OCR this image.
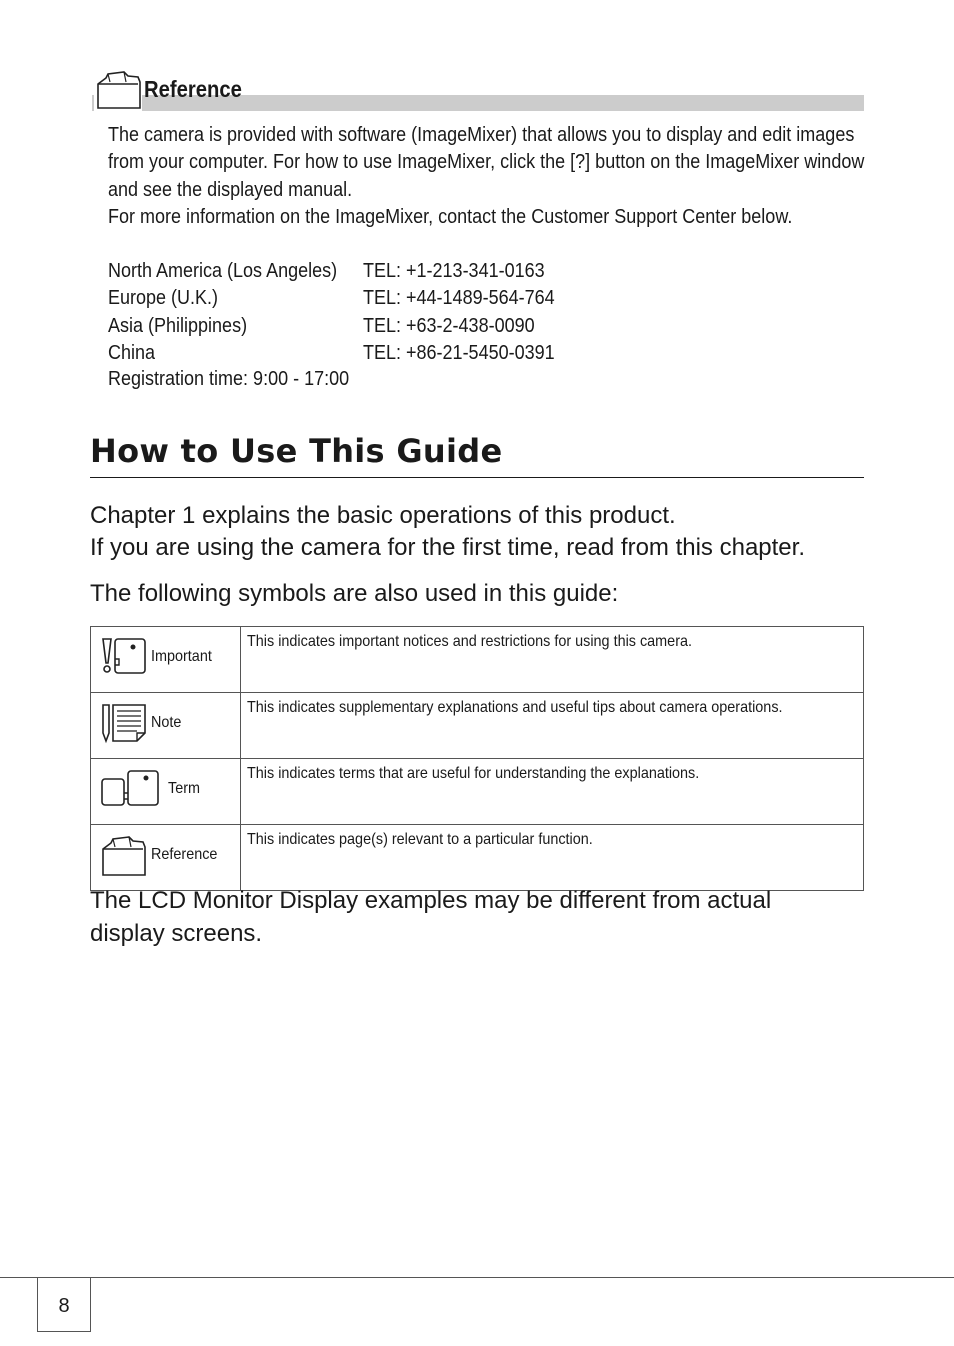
Reference

The camera is provided with software (ImageMixer) that allows you to display and edit images from your computer. For how to use ImageMixer, click the [?] button on the ImageMixer window and see the displayed manual.

For more information on the ImageMixer, contact the Customer Support Center below.

North America (Los Angeles) TEL: +1-213-341-0163
Europe (U.K.)	TEL: +44-1489-564-764
Asia (Philippines)	TEL: +63-2-438-0090
China	TEL: +86-21-5450-0391
Registration time: 9:00 - 17:00
How to Use This Guide

Chapter 1 explains the basic operations of this product.

If you are using the camera for the first time, read from this chapter.

The following symbols are also used in this guide:
Important	This indicates important notices and restrictions for using this camera.

Note	This indicates supplementary explanations and useful tips about camera operations.

Term	This indicates terms that are useful for understanding the explanations.

Reference	This indicates page(s) relevant to a particular function.

The LCD Monitor Display examples may be different from actual display screens.

8
